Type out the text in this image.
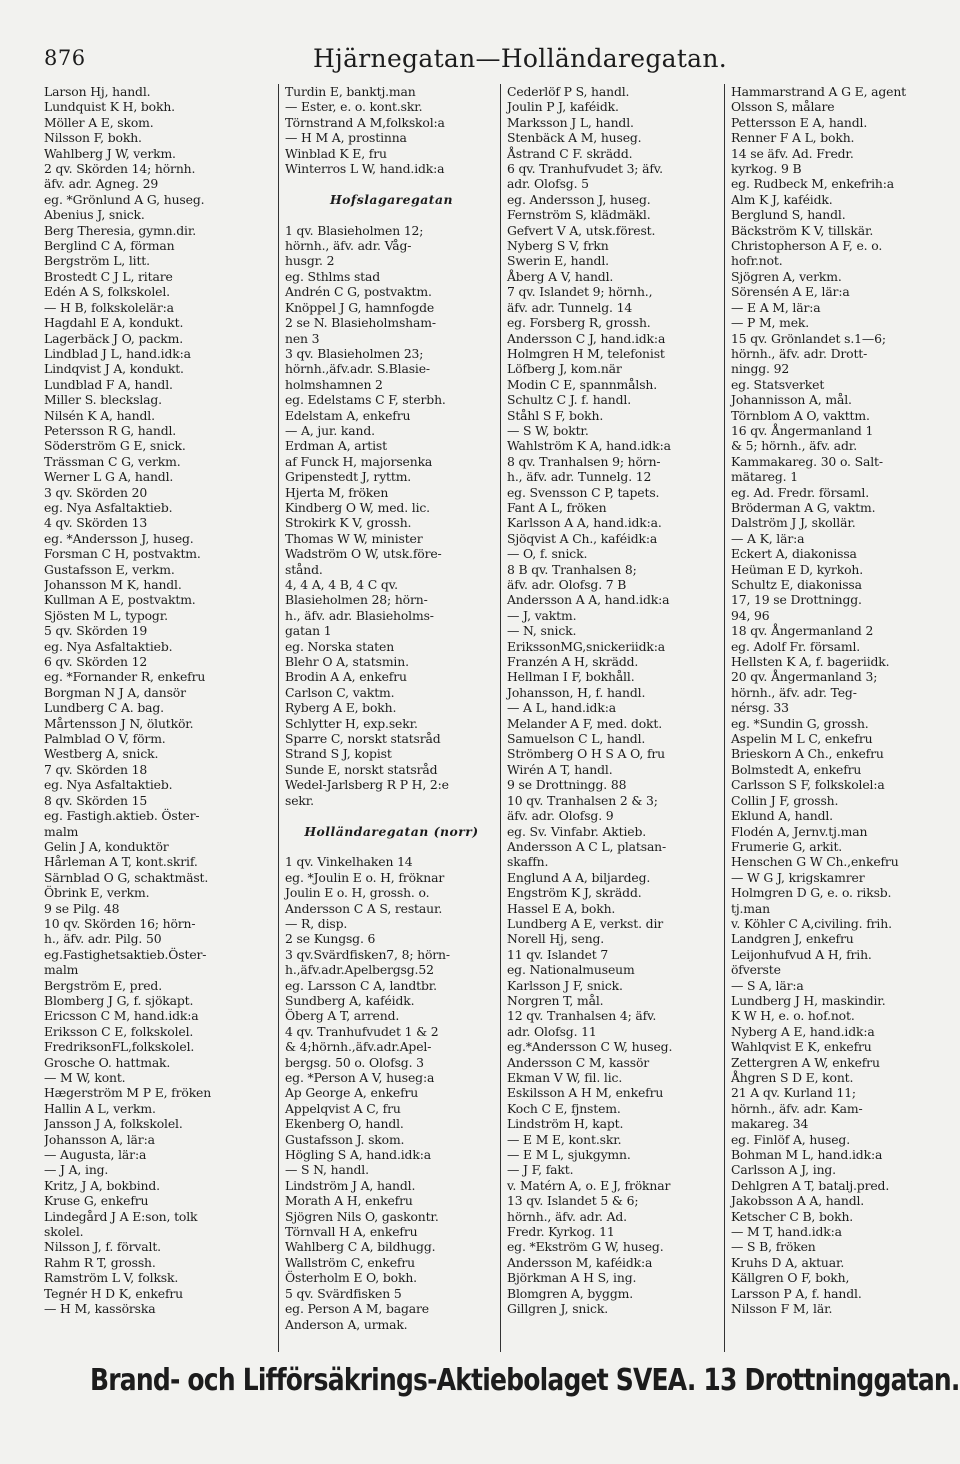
876	Hjärnegatan—Holländaregatan.
Larson Hj, handl.
Lundquist K H, bokh.
Möller A E, skom.
Nilsson F, bokh.
Wahlberg J W, verkm.
2 qv. Skörden 14; hörnh.
äfv. adr. Agneg. 29
eg. *Grönlund A G, huseg.
Abenius J, snick.
Berg Theresia, gymn.dir.
Berglind C A, förman
Bergström L, litt.
Brostedt C J L, ritare
Edén A S, folkskolel.
— H B, folkskolelär:a
Hagdahl E A, kondukt.
Lagerbäck J O, packm.
Lindblad J L, hand.idk:a
Lindqvist J A, kondukt.
Lundblad F A, handl.
Miller S. bleckslag.
Nilsén K A, handl.
Petersson R G, handl.
Söderström G E, snick.
Trässman C G, verkm.
Werner L G A, handl.
3 qv. Skörden 20
eg. Nya Asfaltaktieb.
4 qv. Skörden 13
eg. *Andersson J, huseg.
Forsman C H, postvaktm.
Gustafsson E, verkm.
Johansson M K, handl.
Kullman A E, postvaktm.
Sjösten M L, typogr.
5 qv. Skörden 19
eg. Nya Asfaltaktieb.
6 qv. Skörden 12
eg. *Fornander R, enkefru
Borgman N J A, dansör
Lundberg C A. bag.
Mårtensson J N, ölutkör.
Palmblad O V, förm.
Westberg A, snick.
7 qv. Skörden 18
eg. Nya Asfaltaktieb.
8 qv. Skörden 15
eg. Fastigh.aktieb. Öster-
malm
Gelin J A, konduktör
Hårleman A T, kont.skrif.
Särnblad O G, schaktmäst.
Öbrink E, verkm.
9 se Pilg. 48
10 qv. Skörden 16; hörn-
h., äfv. adr. Pilg. 50
eg.Fastighetsaktieb.Öster-
malm
Bergström E, pred.
Blomberg J G, f. sjökapt.
Ericsson C M, hand.idk:a
Eriksson C E, folkskolel.
FredriksonFL,folkskolel.
Grosche O. hattmak.
— M W, kont.
Hægerström M P E, fröken
Hallin A L, verkm.
Jansson J A, folkskolel.
Johansson A, lär:a
— Augusta, lär:a
— J A, ing.
Kritz, J A, bokbind.
Kruse G, enkefru
Lindegård J A E:son, tolk
skolel.
Nilsson J, f. förvalt.
Rahm R T, grossh.
Ramström L V, folksk.
Tegnér H D K, enkefru
— H M, kassörska
Turdin E, banktj.man
— Ester, e. o. kont.skr.
Törnstrand A M,folkskol:a
— H M A, prostinna
Winblad K E, fru
Winterros L W, hand.idk:a

Hofslagaregatan

1 qv. Blasieholmen 12;
hörnh., äfv. adr. Våg-
husgr. 2
eg. Sthlms stad
Andrén C G, postvaktm.
Knöppel J G, hamnfogde
2 se N. Blasieholmsham-
nen 3
3 qv. Blasieholmen 23;
hörnh.,äfv.adr. S.Blasie-
holmshamnen 2
eg. Edelstams C F, sterbh.
Edelstam A, enkefru
— A, jur. kand.
Erdman A, artist
af Funck H, majorsenka
Gripenstedt J, ryttm.
Hjerta M, fröken
Kindberg O W, med. lic.
Strokirk K V, grossh.
Thomas W W, minister
Wadström O W, utsk.före-
stånd.
4, 4 A, 4 B, 4 C qv.
Blasieholmen 28; hörn-
h., äfv. adr. Blasieholms-
gatan 1
eg. Norska staten
Blehr O A, statsmin.
Brodin A A, enkefru
Carlson C, vaktm.
Ryberg A E, bokh.
Schlytter H, exp.sekr.
Sparre C, norskt statsråd
Strand S J, kopist
Sunde E, norskt statsråd
Wedel-Jarlsberg R P H, 2:e
sekr.

Holländaregatan (norr)

1 qv. Vinkelhaken 14
eg. *Joulin E o. H, fröknar
Joulin E o. H, grossh. o.
Andersson C A S, restaur.
— R, disp.
2 se Kungsg. 6
3 qv.Svärdfisken7, 8; hörn-
h.,äfv.adr.Apelbergsg.52
eg. Larsson C A, landtbr.
Sundberg A, kaféidk.
Öberg A T, arrend.
4 qv. Tranhufvudet 1 & 2
& 4;hörnh.,äfv.adr.Apel-
bergsg. 50 o. Olofsg. 3
eg. *Person A V, huseg:a
Ap George A, enkefru
Appelqvist A C, fru
Ekenberg O, handl.
Gustafsson J. skom.
Högling S A, hand.idk:a
— S N, handl.
Lindström J A, handl.
Morath A H, enkefru
Sjögren Nils O, gaskontr.
Törnvall H A, enkefru
Wahlberg C A, bildhugg.
Wallström C, enkefru
Österholm E O, bokh.
5 qv. Svärdfisken 5
eg. Person A M, bagare
Anderson A, urmak.
Cederlöf P S, handl.
Joulin P J, kaféidk.
Marksson J L, handl.
Stenbäck A M, huseg.
Åstrand C F. skrädd.
6 qv. Tranhufvudet 3; äfv.
adr. Olofsg. 5
eg. Andersson J, huseg.
Fernström S, klädmäkl.
Gefvert V A, utsk.förest.
Nyberg S V, frkn
Swerin E, handl.
Åberg A V, handl.
7 qv. Islandet 9; hörnh.,
äfv. adr. Tunnelg. 14
eg. Forsberg R, grossh.
Andersson C J, hand.idk:a
Holmgren H M, telefonist
Löfberg J, kom.när
Modin C E, spannmålsh.
Schultz C J. f. handl.
Ståhl S F, bokh.
— S W, boktr.
Wahlström K A, hand.idk:a
8 qv. Tranhalsen 9; hörn-
h., äfv. adr. Tunnelg. 12
eg. Svensson C P, tapets.
Fant A L, fröken
Karlsson A A, hand.idk:a.
Sjöqvist A Ch., kaféidk:a
— O, f. snick.
8 B qv. Tranhalsen 8;
äfv. adr. Olofsg. 7 B
Andersson A A, hand.idk:a
— J, vaktm.
— N, snick.
ErikssonMG,snickeriidk:a
Franzén A H, skrädd.
Hellman I F, bokhåll.
Johansson, H, f. handl.
— A L, hand.idk:a
Melander A F, med. dokt.
Samuelson C L, handl.
Strömberg O H S A O, fru
Wirén A T, handl.
9 se Drottningg. 88
10 qv. Tranhalsen 2 & 3;
äfv. adr. Olofsg. 9
eg. Sv. Vinfabr. Aktieb.
Andersson A C L, platsan-
skaffn.
Englund A A, biljardeg.
Engström K J, skrädd.
Hassel E A, bokh.
Lundberg A E, verkst. dir
Norell Hj, seng.
11 qv. Islandet 7
eg. Nationalmuseum
Karlsson J F, snick.
Norgren T, mål.
12 qv. Tranhalsen 4; äfv.
adr. Olofsg. 11
eg.*Andersson C W, huseg.
Andersson C M, kassör
Ekman V W, fil. lic.
Eskilsson A H M, enkefru
Koch C E, fjnstem.
Lindström H, kapt.
— E M E, kont.skr.
— E M L, sjukgymn.
— J F, fakt.
v. Matérn A, o. E J, fröknar
13 qv. Islandet 5 & 6;
hörnh., äfv. adr. Ad.
Fredr. Kyrkog. 11
eg. *Ekström G W, huseg.
Andersson M, kaféidk:a
Björkman A H S, ing.
Blomgren A, byggm.
Gillgren J, snick.
Hammarstrand A G E, agent
Olsson S, målare
Pettersson E A, handl.
Renner F A L, bokh.
14 se äfv. Ad. Fredr.
kyrkog. 9 B
eg. Rudbeck M, enkefrih:a
Alm K J, kaféidk.
Berglund S, handl.
Bäckström K V, tillskär.
Christopherson A F, e. o.
hofr.not.
Sjögren A, verkm.
Sörensén A E, lär:a
— E A M, lär:a
— P M, mek.
15 qv. Grönlandet s.1—6;
hörnh., äfv. adr. Drott-
ningg. 92
eg. Statsverket
Johannisson A, mål.
Törnblom A O, vakttm.
16 qv. Ångermanland 1
& 5; hörnh., äfv. adr.
Kammakareg. 30 o. Salt-
mätareg. 1
eg. Ad. Fredr. församl.
Bröderman A G, vaktm.
Dalström J J, skollär.
— A K, lär:a
Eckert A, diakonissa
Heüman E D, kyrkoh.
Schultz E, diakonissa
17, 19 se Drottningg.
94, 96
18 qv. Ångermanland 2
eg. Adolf Fr. församl.
Hellsten K A, f. bageriidk.
20 qv. Ångermanland 3;
hörnh., äfv. adr. Teg-
nérsg. 33
eg. *Sundin G, grossh.
Aspelin M L C, enkefru
Brieskorn A Ch., enkefru
Bolmstedt A, enkefru
Carlsson S F, folkskolel:a
Collin J F, grossh.
Eklund A, handl.
Flodén A, Jernv.tj.man
Frumerie G, arkit.
Henschen G W Ch.,enkefru
— W G J, krigskamrer
Holmgren D G, e. o. riksb.
tj.man
v. Köhler C A,civiling. frih.
Landgren J, enkefru
Leijonhufvud A H, frih.
öfverste
— S A, lär:a
Lundberg J H, maskindir.
K W H, e. o. hof.not.
Nyberg A E, hand.idk:a
Wahlqvist E K, enkefru
Zettergren A W, enkefru
Åhgren S D E, kont.
21 A qv. Kurland 11;
hörnh., äfv. adr. Kam-
makareg. 34
eg. Finlöf A, huseg.
Bohman M L, hand.idk:a
Carlsson A J, ing.
Dehlgren A T, batalj.pred.
Jakobsson A A, handl.
Ketscher C B, bokh.
— M T, hand.idk:a
— S B, fröken
Kruhs D A, aktuar.
Källgren O F, bokh,
Larsson P A, f. handl.
Nilsson F M, lär.
Brand- och Lifförsäkrings-Aktiebolaget SVEA. 13 Drottninggatan.
